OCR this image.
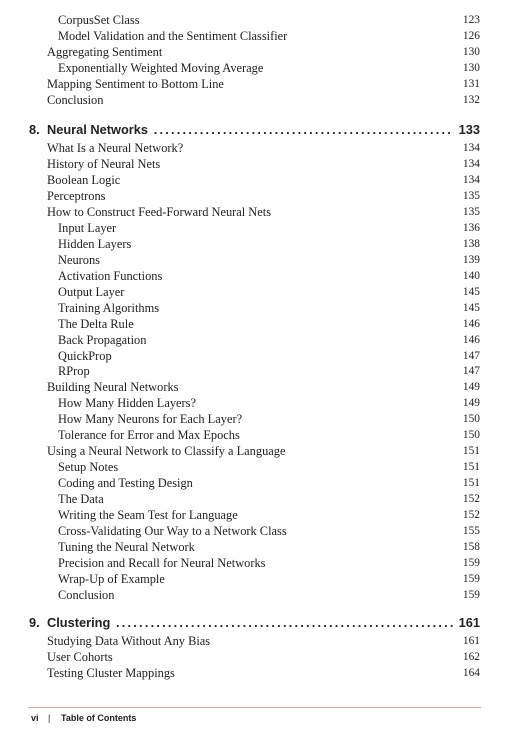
CorpusSet Class	123
Model Validation and the Sentiment Classifier	126
Aggregating Sentiment	130
Exponentially Weighted Moving Average	130
Mapping Sentiment to Bottom Line	131
Conclusion	132
8. Neural Networks .....	133
What Is a Neural Network?	134
History of Neural Nets	134
Boolean Logic	134
Perceptrons	135
How to Construct Feed-Forward Neural Nets	135
Input Layer	136
Hidden Layers	138
Neurons	139
Activation Functions	140
Output Layer	145
Training Algorithms	145
The Delta Rule	146
Back Propagation	146
QuickProp	147
RProp	147
Building Neural Networks	149
How Many Hidden Layers?	149
How Many Neurons for Each Layer?	150
Tolerance for Error and Max Epochs	150
Using a Neural Network to Classify a Language	151
Setup Notes	151
Coding and Testing Design	151
The Data	152
Writing the Seam Test for Language	152
Cross-Validating Our Way to a Network Class	155
Tuning the Neural Network	158
Precision and Recall for Neural Networks	159
Wrap-Up of Example	159
Conclusion	159
9. Clustering .....	161
Studying Data Without Any Bias	161
User Cohorts	162
Testing Cluster Mappings	164
vi | Table of Contents
